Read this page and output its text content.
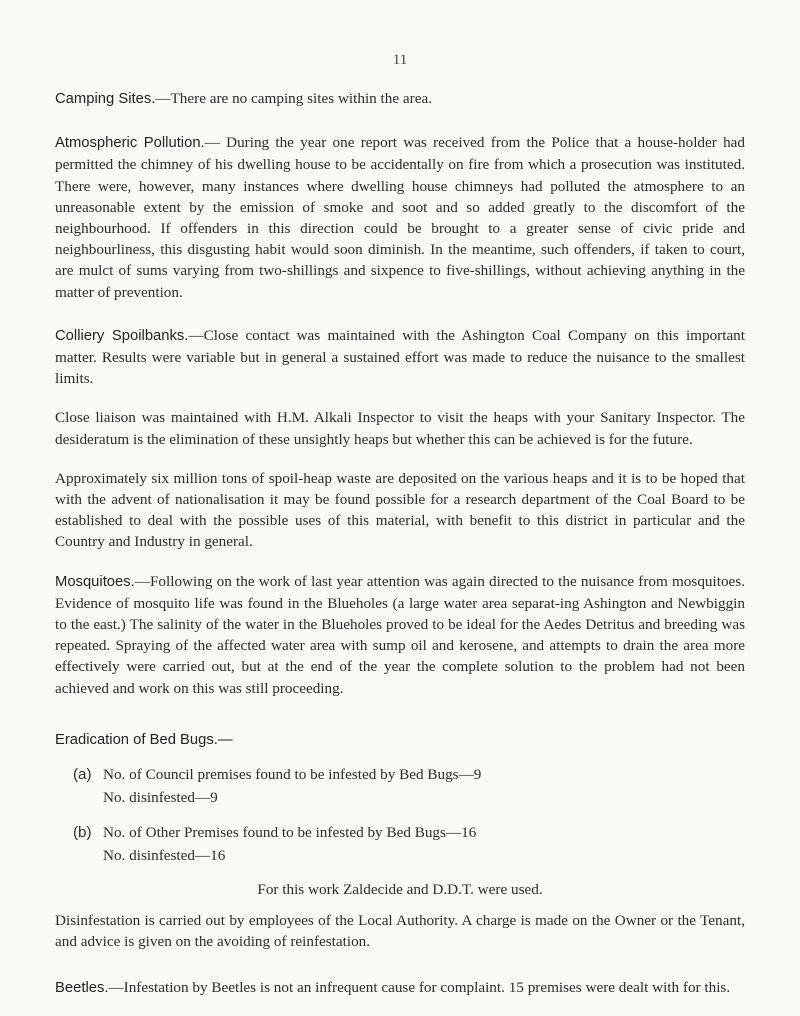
11

Camping Sites.—There are no camping sites within the area.

Atmospheric Pollution.— During the year one report was received from the Police that a house-holder had permitted the chimney of his dwelling house to be accidentally on fire from which a prosecution was instituted. There were, however, many instances where dwelling house chimneys had polluted the atmosphere to an unreasonable extent by the emission of smoke and soot and so added greatly to the discomfort of the neighbourhood. If offenders in this direction could be brought to a greater sense of civic pride and neighbourliness, this disgusting habit would soon diminish. In the meantime, such offenders, if taken to court, are mulct of sums varying from two-shillings and sixpence to five-shillings, without achieving anything in the matter of prevention.

Colliery Spoilbanks.—Close contact was maintained with the Ashington Coal Company on this important matter. Results were variable but in general a sustained effort was made to reduce the nuisance to the smallest limits.

Close liaison was maintained with H.M. Alkali Inspector to visit the heaps with your Sanitary Inspector. The desideratum is the elimination of these unsightly heaps but whether this can be achieved is for the future.

Approximately six million tons of spoil-heap waste are deposited on the various heaps and it is to be hoped that with the advent of nationalisation it may be found possible for a research department of the Coal Board to be established to deal with the possible uses of this material, with benefit to this district in particular and the Country and Industry in general.

Mosquitoes.—Following on the work of last year attention was again directed to the nuisance from mosquitoes. Evidence of mosquito life was found in the Blueholes (a large water area separat-ing Ashington and Newbiggin to the east.) The salinity of the water in the Blueholes proved to be ideal for the Aedes Detritus and breeding was repeated. Spraying of the affected water area with sump oil and kerosene, and attempts to drain the area more effectively were carried out, but at the end of the year the complete solution to the problem had not been achieved and work on this was still proceeding.

Eradication of Bed Bugs.—

(a) No. of Council premises found to be infested by Bed Bugs—9
No. disinfested—9
(b) No. of Other Premises found to be infested by Bed Bugs—16
No. disinfested—16

For this work Zaldecide and D.D.T. were used.

Disinfestation is carried out by employees of the Local Authority. A charge is made on the Owner or the Tenant, and advice is given on the avoiding of reinfestation.

Beetles.—Infestation by Beetles is not an infrequent cause for complaint. 15 premises were dealt with for this.
